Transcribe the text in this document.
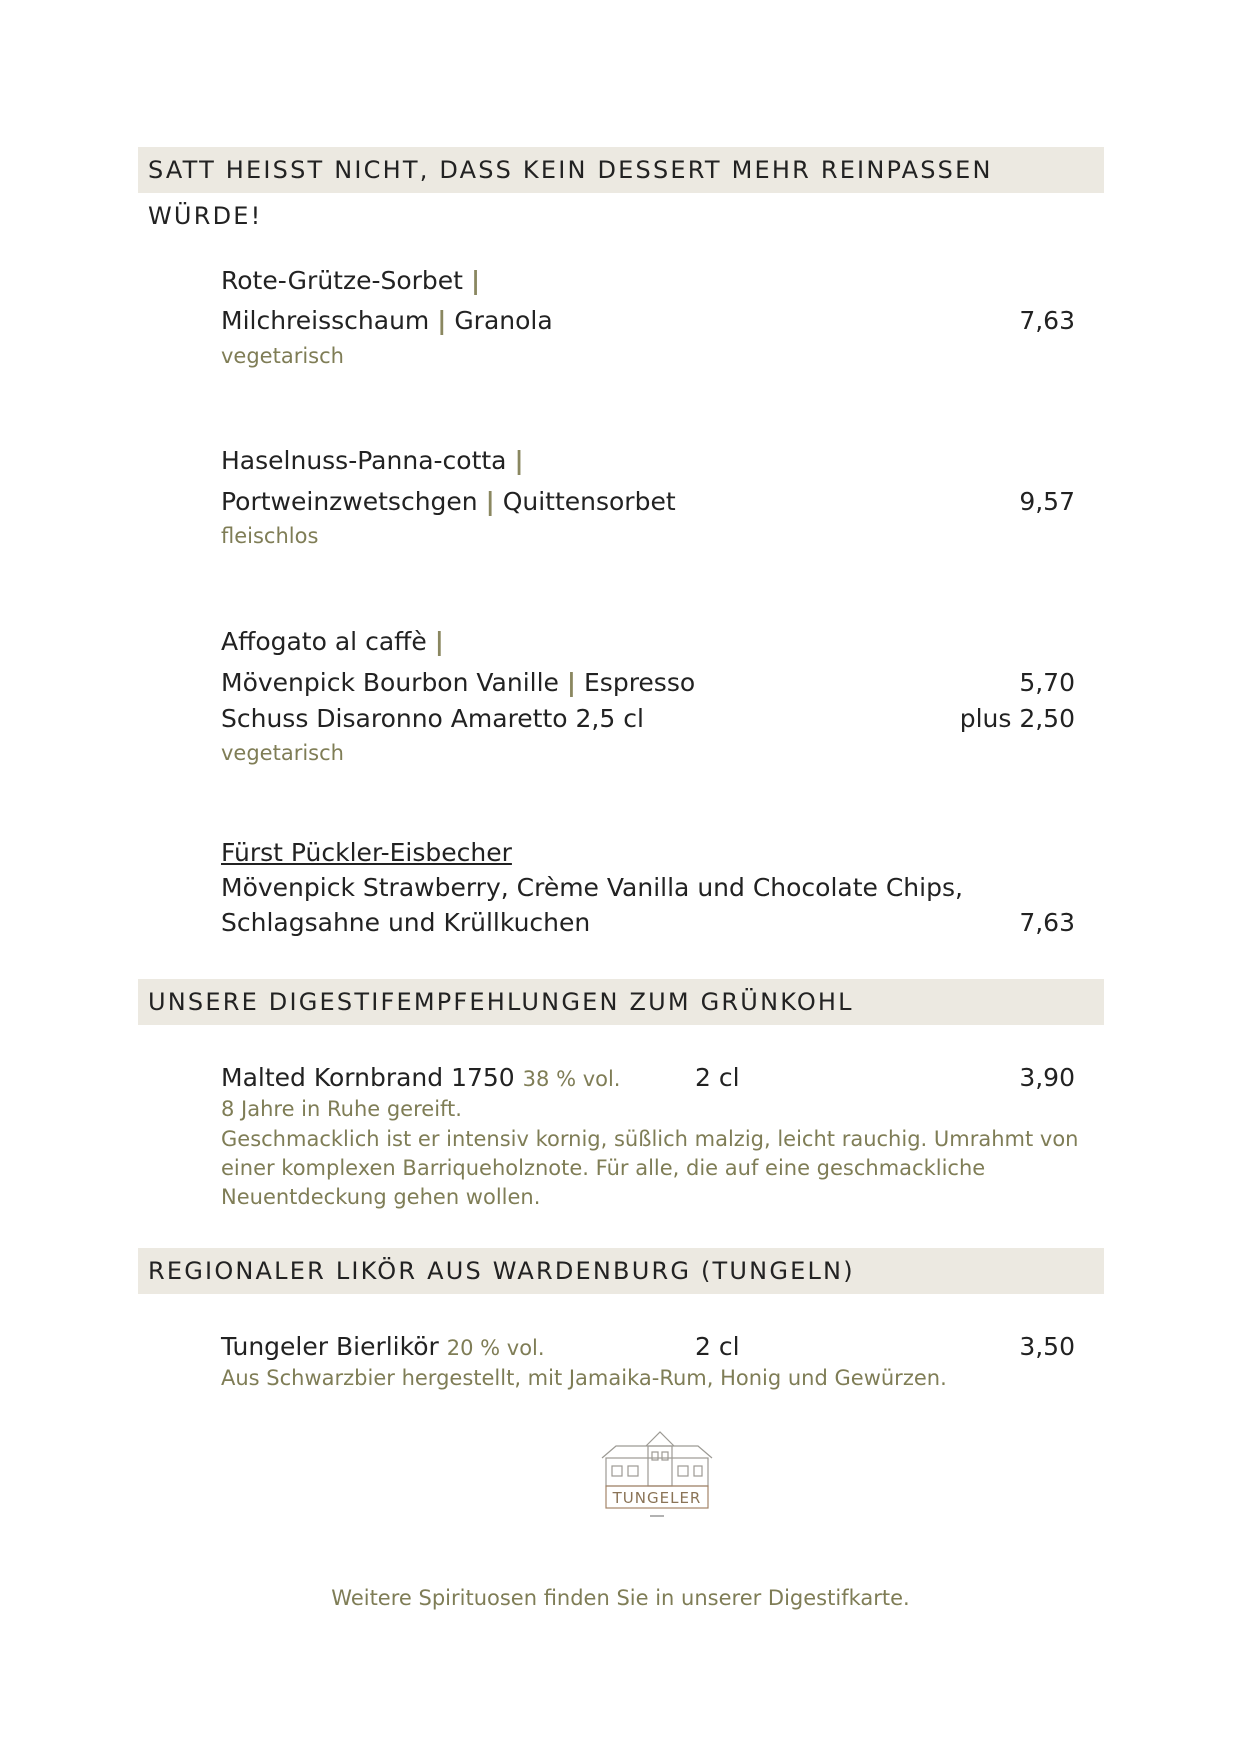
SATT HEISST NICHT, DASS KEIN DESSERT MEHR REINPASSEN WÜRDE!
Rote-Grütze-Sorbet |
Milchreisschaum | Granola	7,63
vegetarisch
Haselnuss-Panna-cotta |
Portweinzwetschgen | Quittensorbet	9,57
fleischlos
Affogato al caffè |
Mövenpick Bourbon Vanille | Espresso	5,70
Schuss Disaronno Amaretto 2,5 cl	plus 2,50
vegetarisch
Fürst Pückler-Eisbecher
Mövenpick Strawberry, Crème Vanilla und Chocolate Chips,
Schlagsahne und Krüllkuchen	7,63
UNSERE DIGESTIFEMPFEHLUNGEN ZUM GRÜNKOHL
Malted Kornbrand 1750 38 % vol.	2 cl	3,90
8 Jahre in Ruhe gereift.
Geschmacklich ist er intensiv kornig, süßlich malzig, leicht rauchig. Umrahmt von
einer komplexen Barriqueholznote. Für alle, die auf eine geschmackliche
Neuentdeckung gehen wollen.
REGIONALER LIKÖR AUS WARDENBURG (TUNGELN)
Tungeler Bierlikör 20 % vol.	2 cl	3,50
Aus Schwarzbier hergestellt, mit Jamaika-Rum, Honig und Gewürzen.
TUNGELER
Weitere Spirituosen finden Sie in unserer Digestifkarte.
